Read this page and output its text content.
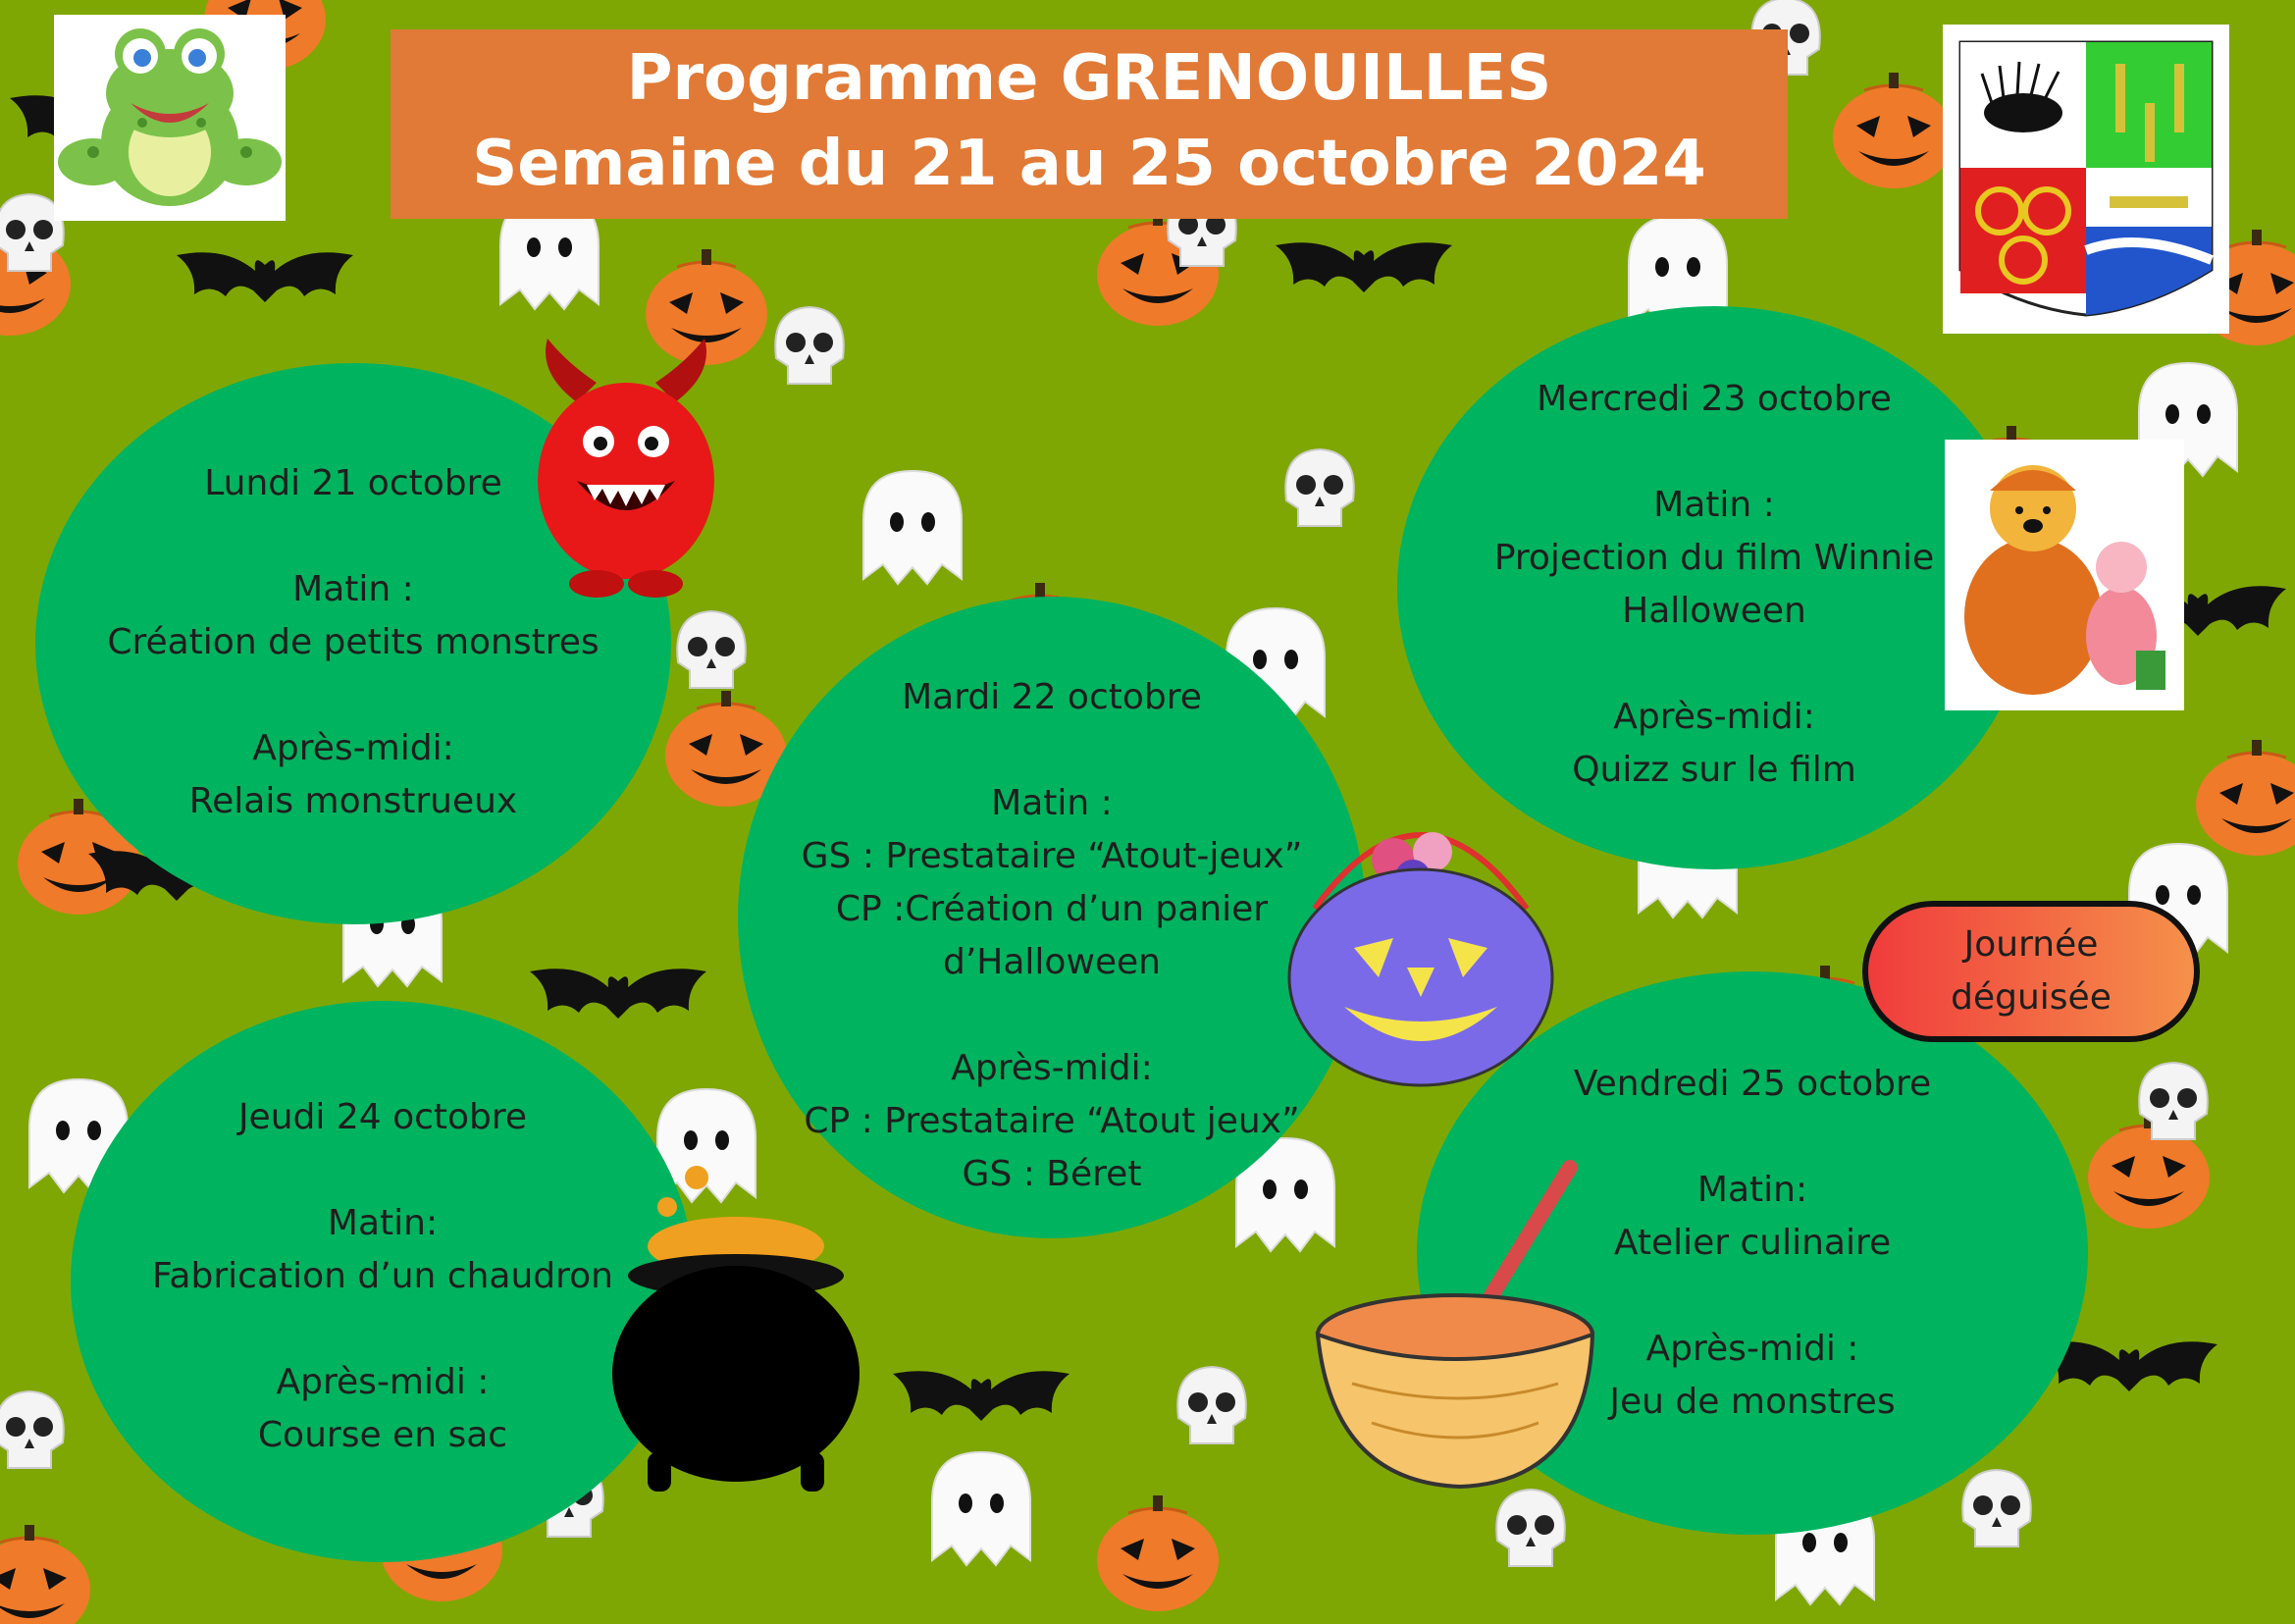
Programme GRENOUILLES
Semaine du 21 au 25 octobre 2024
Lundi 21 octobre
Matin :
Création de petits monstres
Après-midi:
Relais monstrueux
Mercredi 23 octobre
Matin :
Projection du film Winnie
Halloween
Après-midi:
Quizz sur le film
Jeudi 24 octobre
Matin:
Fabrication d’un chaudron
Après-midi :
Course en sac
Vendredi 25 octobre
Matin:
Atelier culinaire
Après-midi :
Jeu de monstres
Mardi 22 octobre
Matin :
GS : Prestataire “Atout-jeux”
CP :Création d’un panier
d’Halloween
Après-midi:
CP : Prestataire “Atout jeux”
GS : Béret
Journée
déguisée
